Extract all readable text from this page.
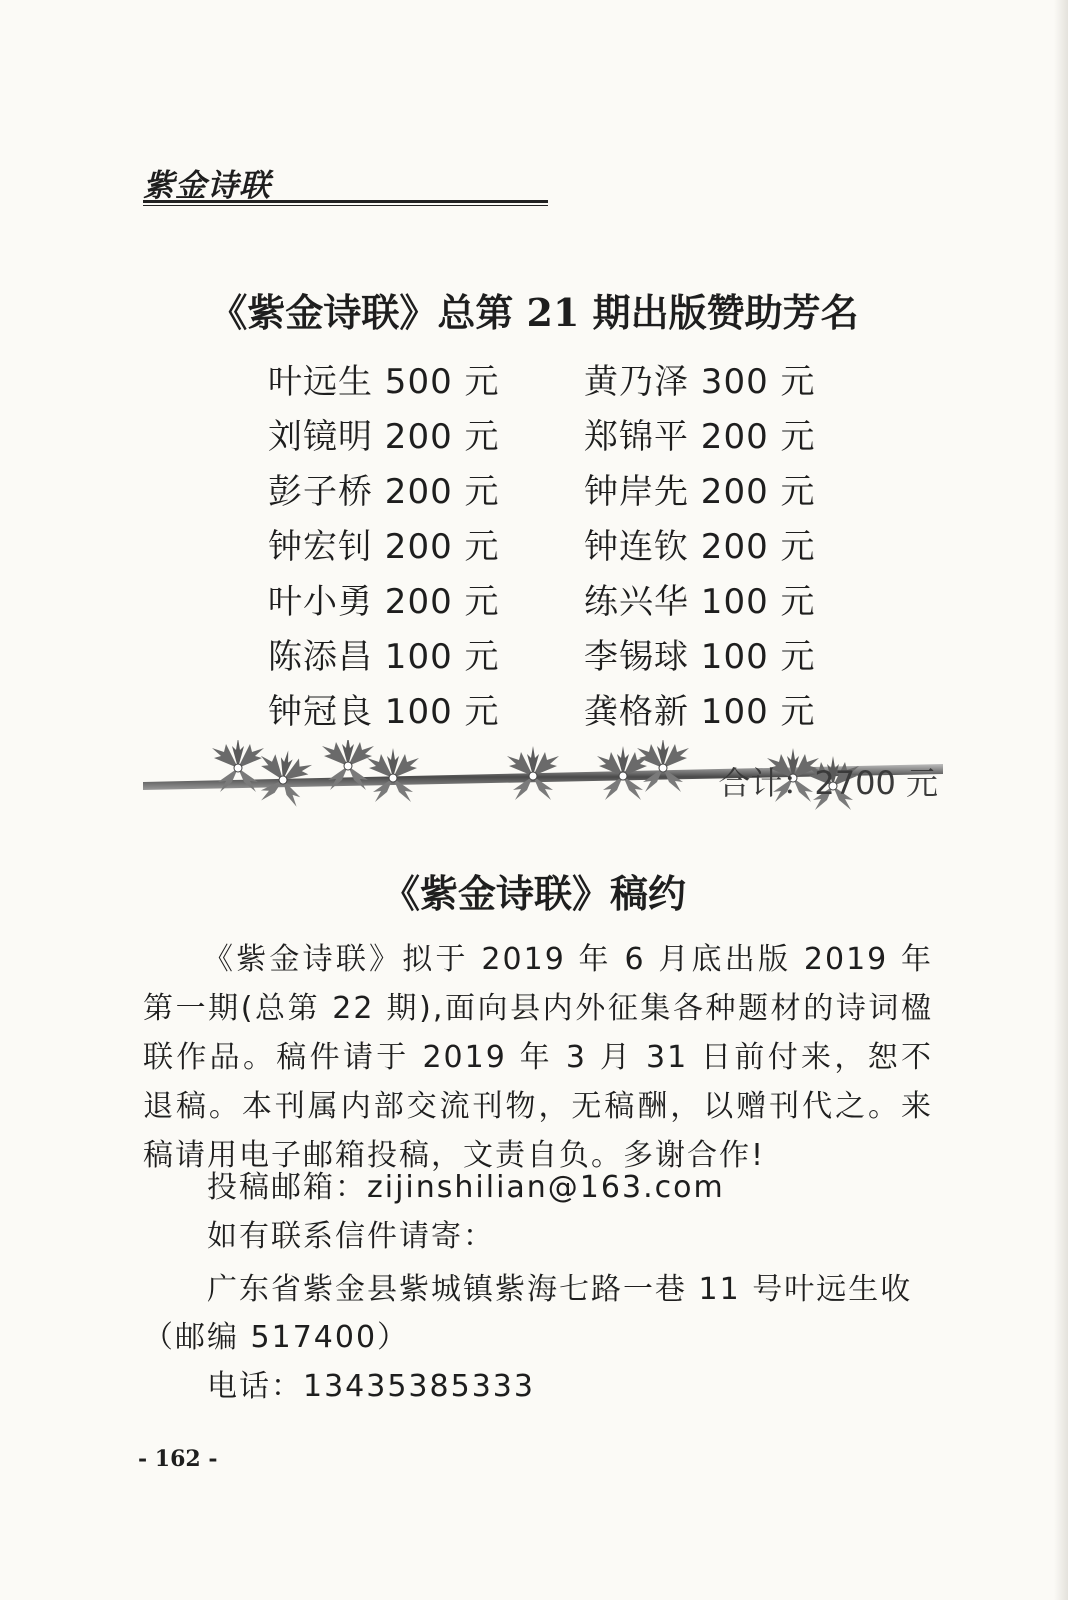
紫金诗联
《紫金诗联》总第 21 期出版赞助芳名
叶远生 500 元
刘镜明 200 元
彭子桥 200 元
钟宏钊 200 元
叶小勇 200 元
陈添昌 100 元
钟冠良 100 元
黄乃泽 300 元
郑锦平 200 元
钟岸先 200 元
钟连钦 200 元
练兴华 100 元
李锡球 100 元
龚格新 100 元
合计：2700 元
《紫金诗联》稿约

《紫金诗联》拟于 2019 年 6 月底出版 2019 年第一期(总第 22 期),面向县内外征集各种题材的诗词楹联作品。稿件请于 2019 年 3 月 31 日前付来，恕不退稿。本刊属内部交流刊物，无稿酬，以赠刊代之。来稿请用电子邮箱投稿，文责自负。多谢合作!

投稿邮箱：zijinshilian@163.com
如有联系信件请寄：
广东省紫金县紫城镇紫海七路一巷 11 号叶远生收
（邮编 517400）
电话：13435385333
- 162 -
